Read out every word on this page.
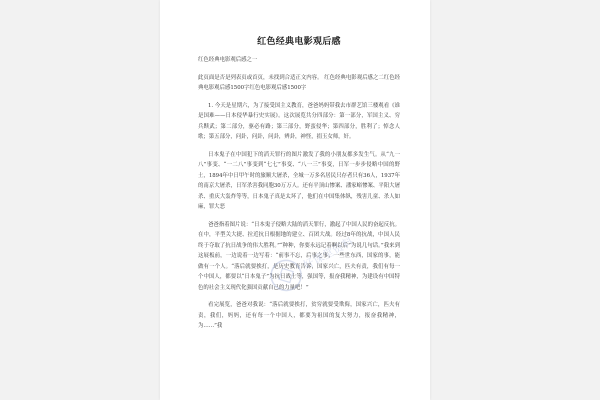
红色经典电影观后感

红色经典电影观后感之一

此页面是否是列表页或首页，未找到合适正文内容。 红色经典电影观后感之二红色经典电影观后感1500字红色电影观后感1500字

1. 今天是星期六，为了接受国主义教育，爸爸妈妈带我去市群艺馆三楼观看《谁是国难——日本侵华暴行史实展》。这次展览共分四部分：第一部分，军国主义、穷兵黩武；第二部分，驱必有路；第三部分，野蛮侵华；第四部分，胜利了；悼念人歌；第五部分，问卦，问卦，问卦，辨卦，神怪，捐玉女师，奸。

日本鬼子在中国犯下的滔天罪行的图片激发了我的小朋友都多发生气。从“九一八”事变、“一二八”事变到“七七”事变、“八一三”事变，日军一步步侵略中国的野土，1894年中日甲午时的旅顺大屠杀，全城一万多名居民只存者只有36人，1937年的南京大屠杀，日军杀害我同胞30万万人。还有平顶山惨案、潘家峪惨案、平阳大屠杀、重庆大轰炸等等，日本鬼子真是太坏了，他们在中国集体纵，残害儿童、杀人如麻，罪大恶

爸爸指着图片说：“日本鬼子侵略大陆的滔天罪行，激起了中国人民的奋起反抗。在中，平型关大捷、拉近抗日根据地的建立、百团大战。经过8年的抗战，中国人民终于夺取了抗日战争的伟大胜利。”“种种，你要永远记着啊以后”为说几句话。”我来到这展板前，一边说着一边写着：“前事不忘，后事之事，一些世东西，国家的事，能做有一个人。“落后就要挨打，是历史教育告诉，国家兴亡，匹夫有责，我们有每一个中国人，都要以“日本鬼子”为抗日战士等，强国等，报奋我精神，为建设有中国特色的社会主义现代化强国贡献自己的力量吧！”

看完展览，爸爸对我说：“落后就要挨打，贫穷就要受欺侮，国家兴亡，匹夫有责，我们，妈妈，还有每一个中国人，都要为祖国的复大努力，报奋我精神，为……”我

好课堂资料
